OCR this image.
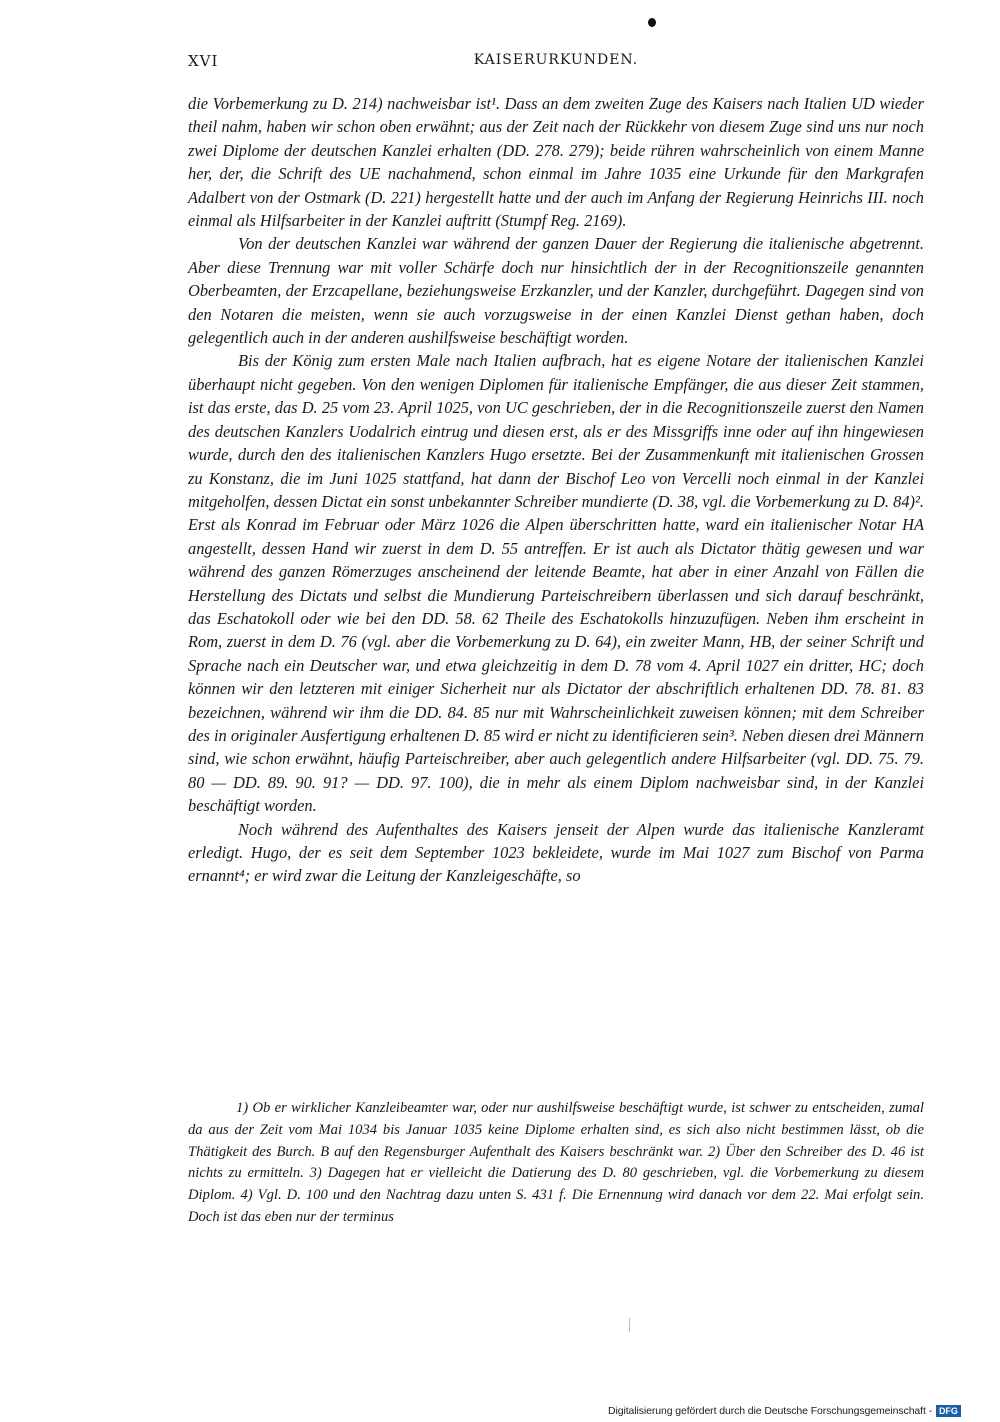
XVI	KAISERURKUNDEN.

die Vorbemerkung zu D. 214) nachweisbar ist¹. Dass an dem zweiten Zuge des Kaisers nach Italien UD wieder theil nahm, haben wir schon oben erwähnt; aus der Zeit nach der Rückkehr von diesem Zuge sind uns nur noch zwei Diplome der deutschen Kanzlei erhalten (DD. 278. 279); beide rühren wahrscheinlich von einem Manne her, der, die Schrift des UE nachahmend, schon einmal im Jahre 1035 eine Urkunde für den Markgrafen Adalbert von der Ostmark (D. 221) hergestellt hatte und der auch im Anfang der Regierung Heinrichs III. noch einmal als Hilfsarbeiter in der Kanzlei auftritt (Stumpf Reg. 2169).

Von der deutschen Kanzlei war während der ganzen Dauer der Regierung die italienische abgetrennt. Aber diese Trennung war mit voller Schärfe doch nur hinsichtlich der in der Recognitionszeile genannten Oberbeamten, der Erzcapellane, beziehungsweise Erzkanzler, und der Kanzler, durchgeführt. Dagegen sind von den Notaren die meisten, wenn sie auch vorzugsweise in der einen Kanzlei Dienst gethan haben, doch gelegentlich auch in der anderen aushilfsweise beschäftigt worden.

Bis der König zum ersten Male nach Italien aufbrach, hat es eigene Notare der italienischen Kanzlei überhaupt nicht gegeben. Von den wenigen Diplomen für italienische Empfänger, die aus dieser Zeit stammen, ist das erste, das D. 25 vom 23. April 1025, von UC geschrieben, der in die Recognitionszeile zuerst den Namen des deutschen Kanzlers Uodalrich eintrug und diesen erst, als er des Missgriffs inne oder auf ihn hingewiesen wurde, durch den des italienischen Kanzlers Hugo ersetzte. Bei der Zusammenkunft mit italienischen Grossen zu Konstanz, die im Juni 1025 stattfand, hat dann der Bischof Leo von Vercelli noch einmal in der Kanzlei mitgeholfen, dessen Dictat ein sonst unbekannter Schreiber mundierte (D. 38, vgl. die Vorbemerkung zu D. 84)². Erst als Konrad im Februar oder März 1026 die Alpen überschritten hatte, ward ein italienischer Notar HA angestellt, dessen Hand wir zuerst in dem D. 55 antreffen. Er ist auch als Dictator thätig gewesen und war während des ganzen Römerzuges anscheinend der leitende Beamte, hat aber in einer Anzahl von Fällen die Herstellung des Dictats und selbst die Mundierung Parteischreibern überlassen und sich darauf beschränkt, das Eschatokoll oder wie bei den DD. 58. 62 Theile des Eschatokolls hinzuzufügen. Neben ihm erscheint in Rom, zuerst in dem D. 76 (vgl. aber die Vorbemerkung zu D. 64), ein zweiter Mann, HB, der seiner Schrift und Sprache nach ein Deutscher war, und etwa gleichzeitig in dem D. 78 vom 4. April 1027 ein dritter, HC; doch können wir den letzteren mit einiger Sicherheit nur als Dictator der abschriftlich erhaltenen DD. 78. 81. 83 bezeichnen, während wir ihm die DD. 84. 85 nur mit Wahrscheinlichkeit zuweisen können; mit dem Schreiber des in originaler Ausfertigung erhaltenen D. 85 wird er nicht zu identificieren sein³. Neben diesen drei Männern sind, wie schon erwähnt, häufig Parteischreiber, aber auch gelegentlich andere Hilfsarbeiter (vgl. DD. 75. 79. 80 — DD. 89. 90. 91? — DD. 97. 100), die in mehr als einem Diplom nachweisbar sind, in der Kanzlei beschäftigt worden.

Noch während des Aufenthaltes des Kaisers jenseit der Alpen wurde das italienische Kanzleramt erledigt. Hugo, der es seit dem September 1023 bekleidete, wurde im Mai 1027 zum Bischof von Parma ernannt⁴; er wird zwar die Leitung der Kanzleigeschäfte, so

1) Ob er wirklicher Kanzleibeamter war, oder nur aushilfsweise beschäftigt wurde, ist schwer zu entscheiden, zumal da aus der Zeit vom Mai 1034 bis Januar 1035 keine Diplome erhalten sind, es sich also nicht bestimmen lässt, ob die Thätigkeit des Burch. B auf den Regensburger Aufenthalt des Kaisers beschränkt war. 2) Über den Schreiber des D. 46 ist nichts zu ermitteln. 3) Dagegen hat er vielleicht die Datierung des D. 80 geschrieben, vgl. die Vorbemerkung zu diesem Diplom. 4) Vgl. D. 100 und den Nachtrag dazu unten S. 431 f. Die Ernennung wird danach vor dem 22. Mai erfolgt sein. Doch ist das eben nur der terminus

Digitalisierung gefördert durch die Deutsche Forschungsgemeinschaft - DFG
